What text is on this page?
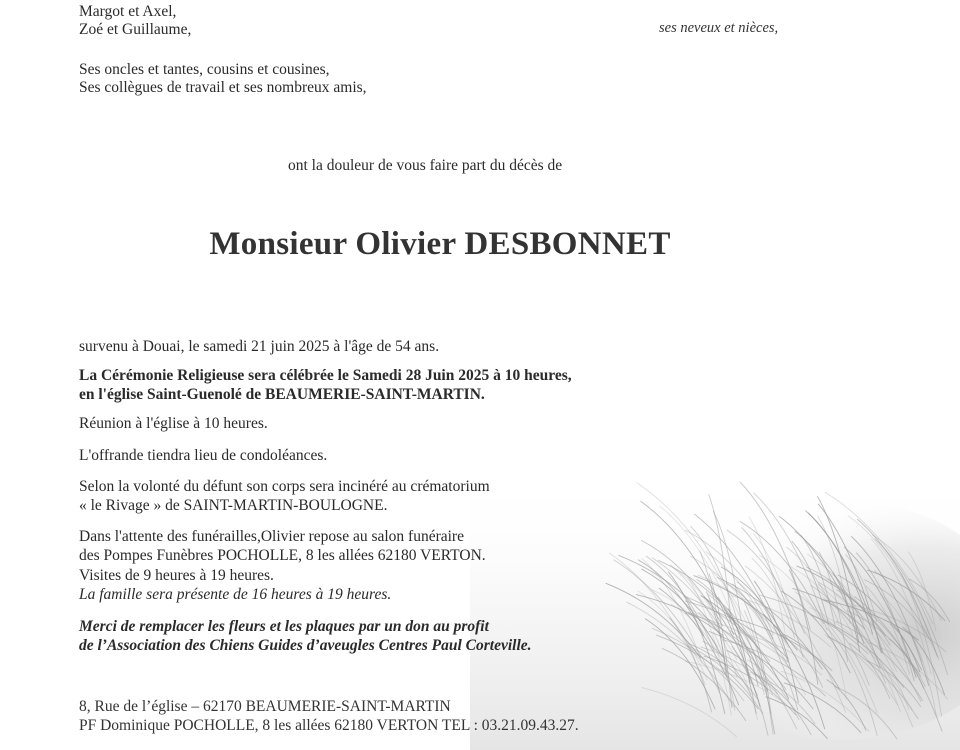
Margot et Axel,
Zoé et Guillaume,	ses neveux et nièces,
Ses oncles et tantes, cousins et cousines,
Ses collègues de travail et ses nombreux amis,
ont la douleur de vous faire part du décès de
Monsieur Olivier DESBONNET
survenu à Douai, le samedi 21 juin 2025 à l'âge de 54 ans.
La Cérémonie Religieuse sera célébrée le Samedi 28 Juin 2025 à 10 heures,
en l'église Saint-Guenolé de BEAUMERIE-SAINT-MARTIN.
Réunion à l'église à 10 heures.
L'offrande tiendra lieu de condoléances.
Selon la volonté du défunt son corps sera incinéré au crématorium
« le Rivage » de SAINT-MARTIN-BOULOGNE.
Dans l'attente des funérailles,Olivier repose au salon funéraire
des Pompes Funèbres POCHOLLE, 8 les allées 62180 VERTON.
Visites de 9 heures à 19 heures.
La famille sera présente de 16 heures à 19 heures.
Merci de remplacer les fleurs et les plaques par un don au profit
de l’Association des Chiens Guides d’aveugles Centres Paul Corteville.
8, Rue de l’église – 62170 BEAUMERIE-SAINT-MARTIN
PF Dominique POCHOLLE, 8 les allées 62180 VERTON TEL : 03.21.09.43.27.
